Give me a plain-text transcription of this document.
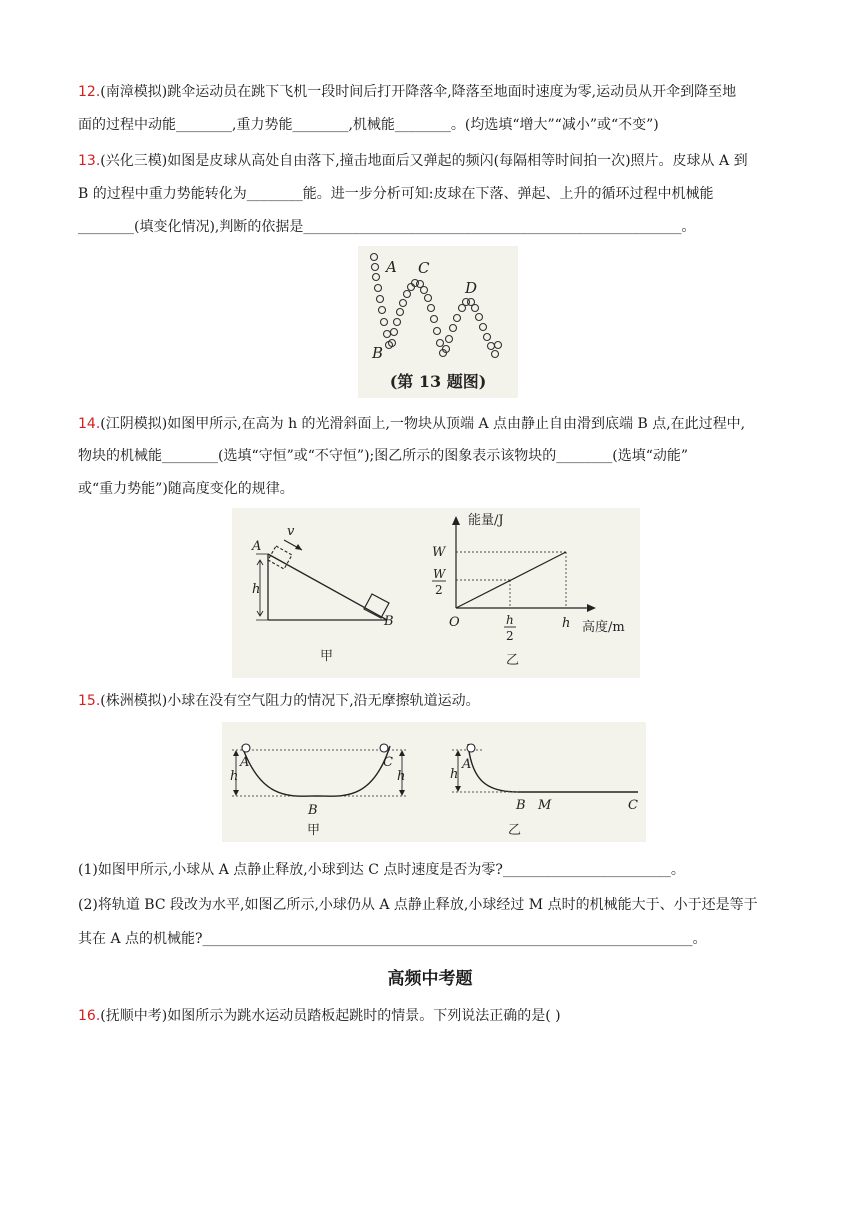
12.(南漳模拟)跳伞运动员在跳下飞机一段时间后打开降落伞,降落至地面时速度为零,运动员从开伞到降至地
面的过程中动能________,重力势能________,机械能________。(均选填“增大”“减小”或“不变”)
13.(兴化三模)如图是皮球从高处自由落下,撞击地面后又弹起的频闪(每隔相等时间拍一次)照片。皮球从 A 到
B 的过程中重力势能转化为________能。进一步分析可知:皮球在下落、弹起、上升的循环过程中机械能
________(填变化情况),判断的依据是______________________________________________________。
A
B
C
D
(第 13 题图)
14.(江阴模拟)如图甲所示,在高为 h 的光滑斜面上,一物块从顶端 A 点由静止自由滑到底端 B 点,在此过程中,
物块的机械能________(选填“守恒”或“不守恒”);图乙所示的图象表示该物块的________(选填“动能”
或“重力势能”)随高度变化的规律。
v
A
h
B
甲
能量/J
W
W
2
O	h
2
h 高度/m
乙
15.(株洲模拟)小球在没有空气阻力的情况下,沿无摩擦轨道运动。
A	C
h	h
B
甲
A
h
B M	C
乙
(1)如图甲所示,小球从 A 点静止释放,小球到达 C 点时速度是否为零?________________________。
(2)将轨道 BC 段改为水平,如图乙所示,小球仍从 A 点静止释放,小球经过 M 点时的机械能大于、小于还是等于
其在 A 点的机械能?______________________________________________________________________。
高频中考题
16.(抚顺中考)如图所示为跳水运动员踏板起跳时的情景。下列说法正确的是( )
